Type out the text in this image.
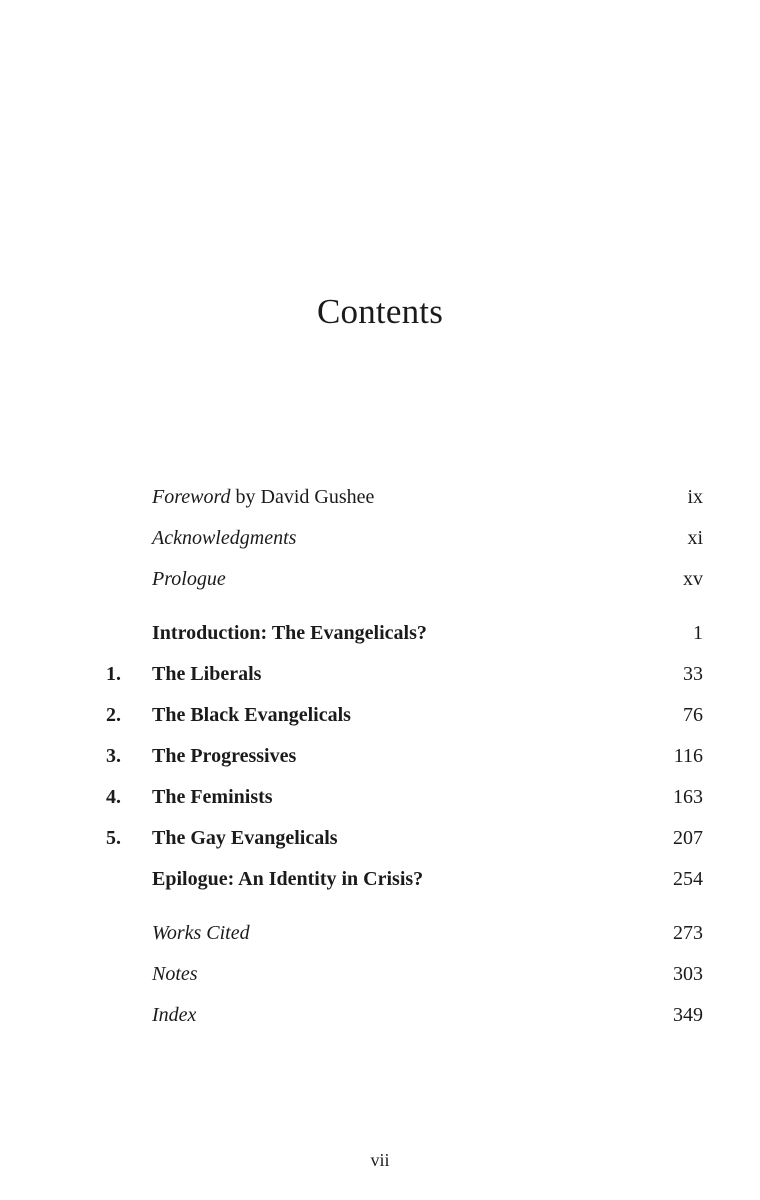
Contents
Foreword by David Gushee	ix
Acknowledgments	xi
Prologue	xv
Introduction: The Evangelicals?	1
1.	The Liberals	33
2.	The Black Evangelicals	76
3.	The Progressives	116
4.	The Feminists	163
5.	The Gay Evangelicals	207
Epilogue: An Identity in Crisis?	254
Works Cited	273
Notes	303
Index	349
vii
